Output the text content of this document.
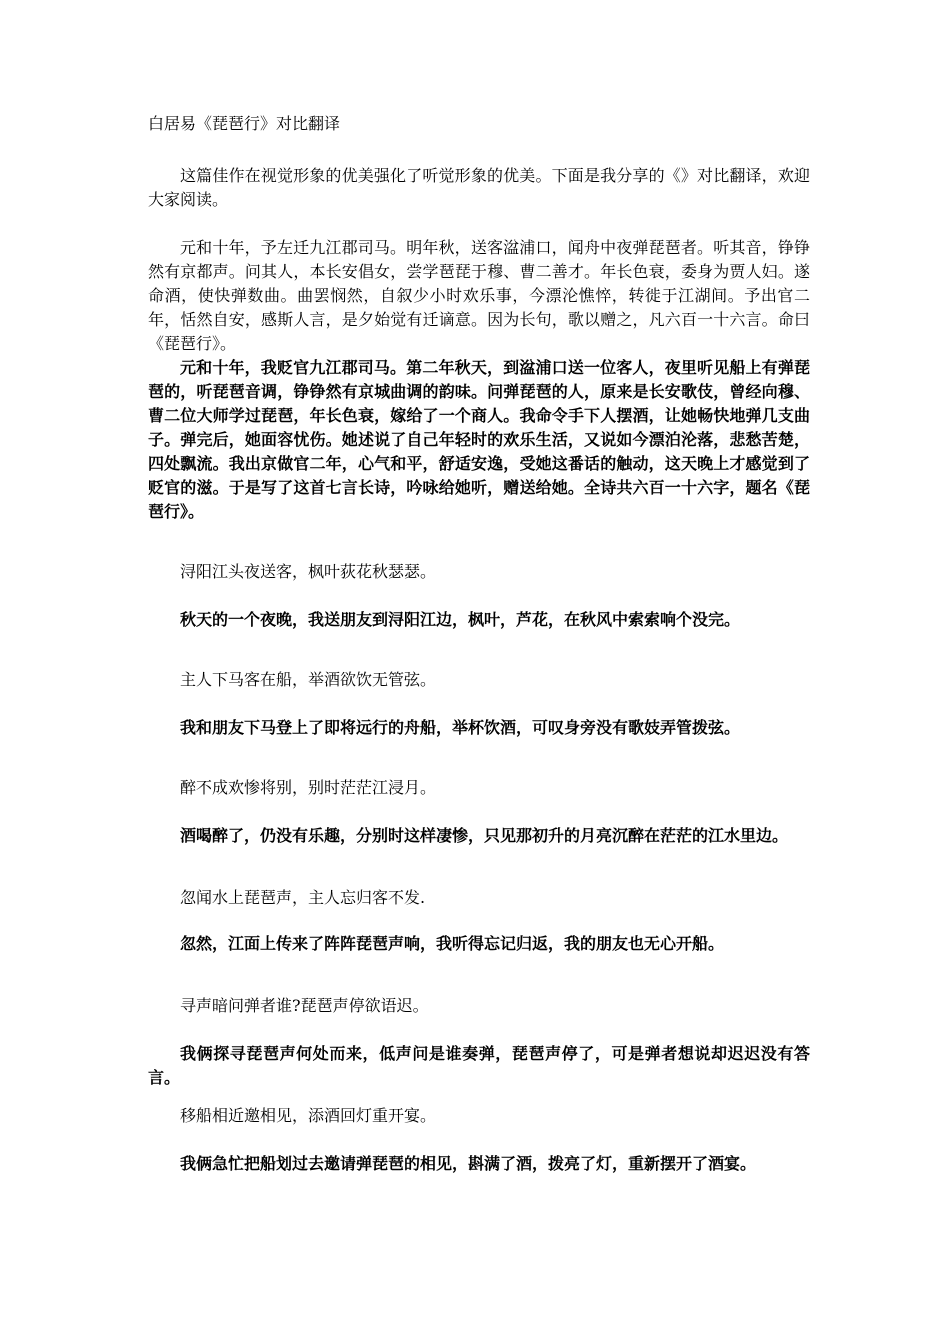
白居易《琵琶行》对比翻译

这篇佳作在视觉形象的优美强化了听觉形象的优美。下面是我分享的《》对比翻译，欢迎大家阅读。

元和十年，予左迁九江郡司马。明年秋，送客湓浦口，闻舟中夜弹琵琶者。听其音，铮铮然有京都声。问其人，本长安倡女，尝学琶琵于穆、曹二善才。年长色衰，委身为贾人妇。遂命酒，使快弹数曲。曲罢悯然，自叙少小时欢乐事，今漂沦憔悴，转徙于江湖间。予出官二年，恬然自安，感斯人言，是夕始觉有迁谪意。因为长句，歌以赠之，凡六百一十六言。命曰《琵琶行》。

元和十年，我贬官九江郡司马。第二年秋天，到湓浦口送一位客人，夜里听见船上有弹琵琶的，听琵琶音调，铮铮然有京城曲调的韵味。问弹琵琶的人，原来是长安歌伎，曾经向穆、曹二位大师学过琵琶，年长色衰，嫁给了一个商人。我命令手下人摆酒，让她畅快地弹几支曲子。弹完后，她面容忧伤。她述说了自己年轻时的欢乐生活，又说如今漂泊沦落，悲愁苦楚，四处飘流。我出京做官二年，心气和平，舒适安逸，受她这番话的触动，这天晚上才感觉到了贬官的滋。于是写了这首七言长诗，吟咏给她听，赠送给她。全诗共六百一十六字，题名《琵琶行》。

浔阳江头夜送客，枫叶荻花秋瑟瑟。

秋天的一个夜晚，我送朋友到浔阳江边，枫叶，芦花，在秋风中索索响个没完。

主人下马客在船，举酒欲饮无管弦。

我和朋友下马登上了即将远行的舟船，举杯饮酒，可叹身旁没有歌妓弄管拨弦。

醉不成欢惨将别，别时茫茫江浸月。

酒喝醉了，仍没有乐趣，分别时这样凄惨，只见那初升的月亮沉醉在茫茫的江水里边。

忽闻水上琵琶声，主人忘归客不发.

忽然，江面上传来了阵阵琵琶声响，我听得忘记归返，我的朋友也无心开船。

寻声暗问弹者谁?琵琶声停欲语迟。

我俩探寻琵琶声何处而来，低声问是谁奏弹，琵琶声停了，可是弹者想说却迟迟没有答言。

移船相近邀相见，添酒回灯重开宴。

我俩急忙把船划过去邀请弹琵琶的相见，斟满了酒，拨亮了灯，重新摆开了酒宴。
